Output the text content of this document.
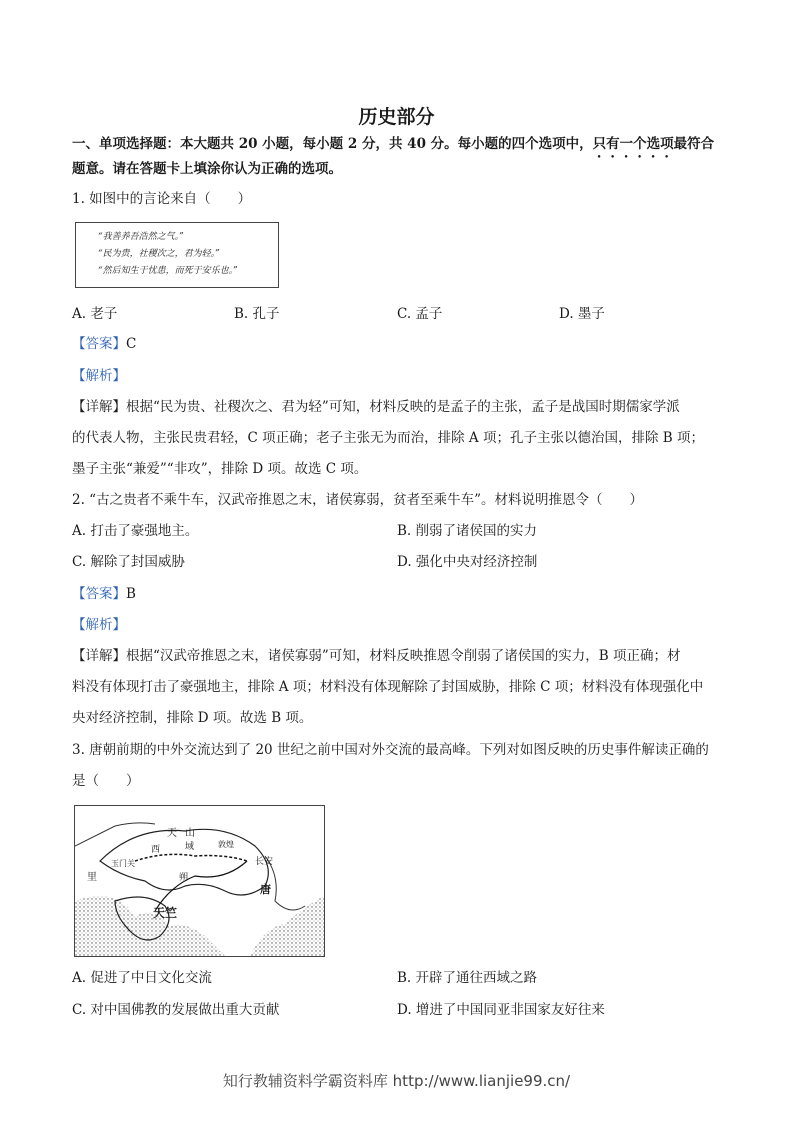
历史部分
一、单项选择题：本大题共 20 小题，每小题 2 分，共 40 分。每小题的四个选项中，只有一个选项最符合
题意。请在答题卡上填涂你认为正确的选项。
1. 如图中的言论来自（　　）
“我善养吾浩然之气。”
“民为贵，社稷次之，君为轻。”
“然后知生于忧患，而死于安乐也。”
A. 老子	B. 孔子	C. 孟子	D. 墨子
【答案】C
【解析】
【详解】根据“民为贵、社稷次之、君为轻”可知，材料反映的是孟子的主张，孟子是战国时期儒家学派
的代表人物，主张民贵君轻，C 项正确；老子主张无为而治，排除 A 项；孔子主张以德治国，排除 B 项；
墨子主张“兼爱”“非攻”，排除 D 项。故选 C 项。
2. “古之贵者不乘牛车，汉武帝推恩之末，诸侯寡弱，贫者至乘牛车”。材料说明推恩令（　　）
A. 打击了豪强地主。	B. 削弱了诸侯国的实力
C. 解除了封国威胁	D. 强化中央对经济控制
【答案】B
【解析】
【详解】根据“汉武帝推恩之末，诸侯寡弱”可知，材料反映推恩令削弱了诸侯国的实力，B 项正确；材
料没有体现打击了豪强地主，排除 A 项；材料没有体现解除了封国威胁，排除 C 项；材料没有体现强化中
央对经济控制，排除 D 项。故选 B 项。
3. 唐朝前期的中外交流达到了 20 世纪之前中国对外交流的最高峰。下列对如图反映的历史事件解读正确的
是（　　）
天 山
西	域	敦煌
玉门关	长安
唐
里	朔
天竺
A. 促进了中日文化交流	B. 开辟了通往西域之路
C. 对中国佛教的发展做出重大贡献	D. 增进了中国同亚非国家友好往来
知行教辅资料学霸资料库 http://www.lianjie99.cn/
